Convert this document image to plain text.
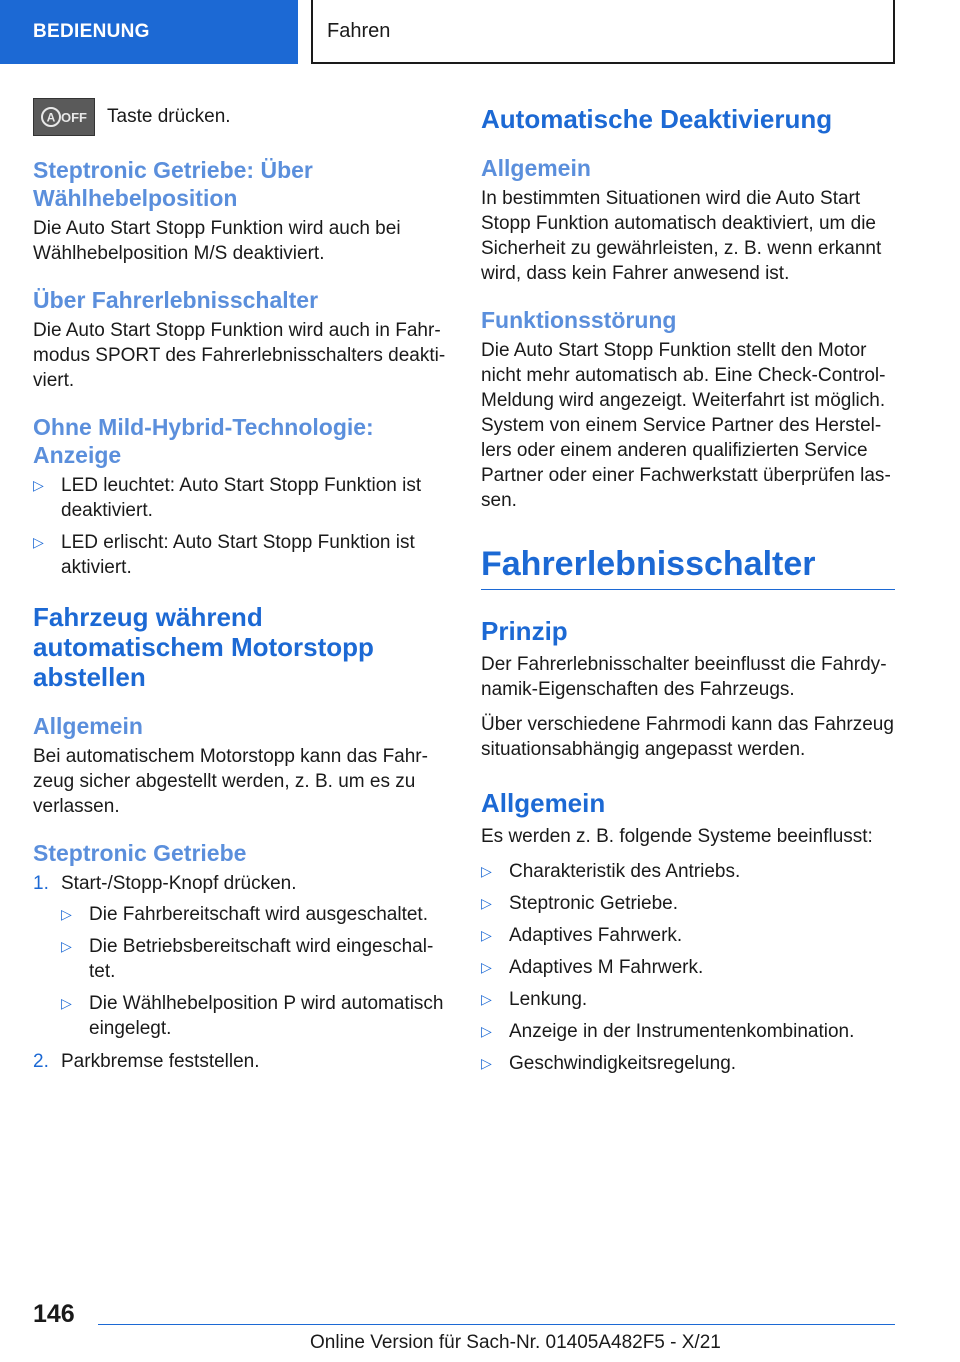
BEDIENUNG	Fahren
A OFF Taste drücken.

Steptronic Getriebe: Über Wählhebelposition

Die Auto Start Stopp Funktion wird auch bei Wählhebelposition M/S deaktiviert.

Über Fahrerlebnisschalter

Die Auto Start Stopp Funktion wird auch in Fahrmodus SPORT des Fahrerlebnisschalters deaktiviert.

Ohne Mild-Hybrid-Technologie: Anzeige
▷ LED leuchtet: Auto Start Stopp Funktion ist deaktiviert.
▷ LED erlischt: Auto Start Stopp Funktion ist aktiviert.
Fahrzeug während automatischem Motorstopp abstellen
Allgemein

Bei automatischem Motorstopp kann das Fahrzeug sicher abgestellt werden, z. B. um es zu verlassen.

Steptronic Getriebe
1. Start-/Stopp-Knopf drücken.
▷ Die Fahrbereitschaft wird ausgeschaltet.
▷ Die Betriebsbereitschaft wird eingeschaltet.
▷ Die Wählhebelposition P wird automatisch eingelegt.
2. Parkbremse feststellen.
Automatische Deaktivierung
Allgemein

In bestimmten Situationen wird die Auto Start Stopp Funktion automatisch deaktiviert, um die Sicherheit zu gewährleisten, z. B. wenn erkannt wird, dass kein Fahrer anwesend ist.

Funktionsstörung

Die Auto Start Stopp Funktion stellt den Motor nicht mehr automatisch ab. Eine Check-Control-Meldung wird angezeigt. Weiterfahrt ist möglich. System von einem Service Partner des Herstellers oder einem anderen qualifizierten Service Partner oder einer Fachwerkstatt überprüfen lassen.

Fahrerlebnisschalter
Prinzip

Der Fahrerlebnisschalter beeinflusst die Fahrdynamik-Eigenschaften des Fahrzeugs.

Über verschiedene Fahrmodi kann das Fahrzeug situationsabhängig angepasst werden.

Allgemein

Es werden z. B. folgende Systeme beeinflusst:

▷ Charakteristik des Antriebs.
▷ Steptronic Getriebe.
▷ Adaptives Fahrwerk.
▷ Adaptives M Fahrwerk.
▷ Lenkung.
▷ Anzeige in der Instrumentenkombination.
▷ Geschwindigkeitsregelung.
146
Online Version für Sach-Nr. 01405A482F5 - X/21
